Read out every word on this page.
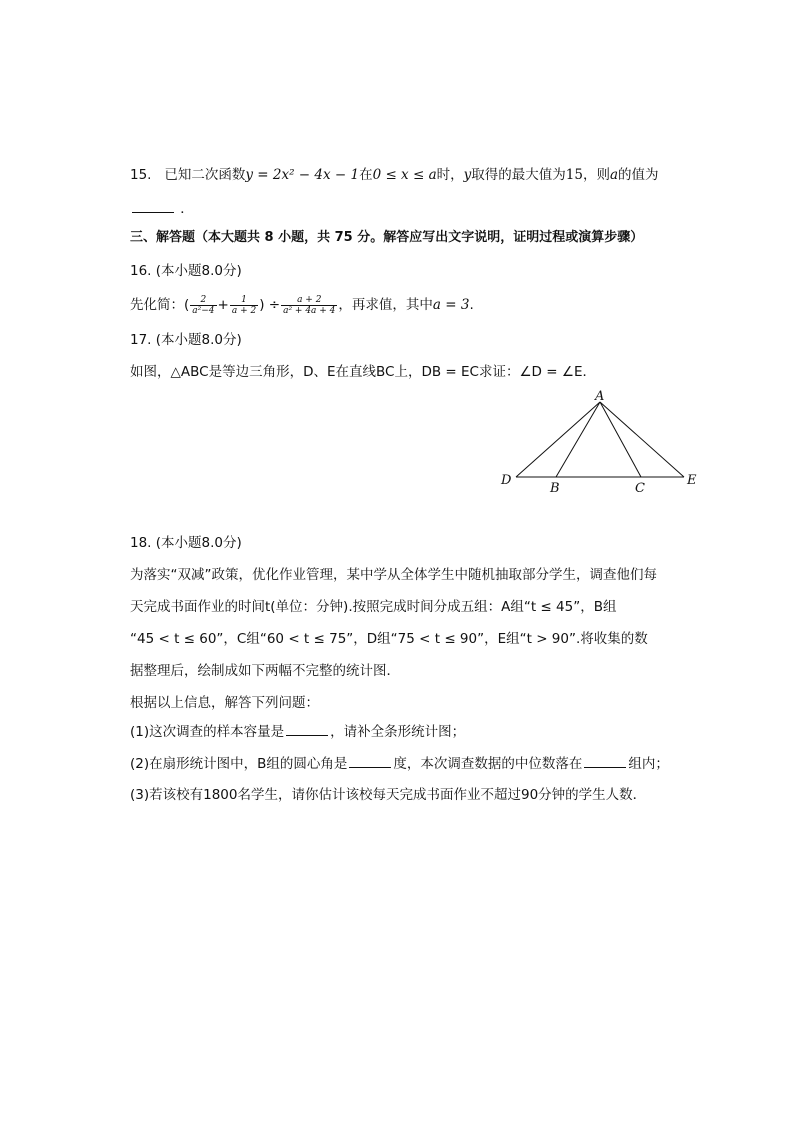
15. 已知二次函数y = 2x² − 4x − 1在0 ≤ x ≤ a时，y取得的最大值为15，则a的值为
．
三、解答题（本大题共 8 小题，共 75 分。解答应写出文字说明，证明过程或演算步骤）
16. (本小题8.0分)
先化简：( $\frac{2}{\text{a²−4}} + \frac{1}{a + 2}$ ) ÷ $\frac{a + 2}{\text{a² + 4a + 4}}$ ，再求值，其中a = 3.
17. (本小题8.0分)
如图，△ABC是等边三角形，D、E在直线BC上，DB = EC求证：∠D = ∠E．
A
D
B	C
E
18. (本小题8.0分)
为落实“双减”政策，优化作业管理，某中学从全体学生中随机抽取部分学生，调查他们每
天完成书面作业的时间t(单位：分钟).按照完成时间分成五组：A组“t ≤ 45”，B组
“45 < t ≤ 60”，C组“60 < t ≤ 75”，D组“75 < t ≤ 90”，E组“t > 90”.将收集的数
据整理后，绘制成如下两幅不完整的统计图．
根据以上信息，解答下列问题：
(1)这次调查的样本容量是	，请补全条形统计图；
(2)在扇形统计图中，B组的圆心角是	度，本次调查数据的中位数落在	组内；
(3)若该校有1800名学生，请你估计该校每天完成书面作业不超过90分钟的学生人数．
